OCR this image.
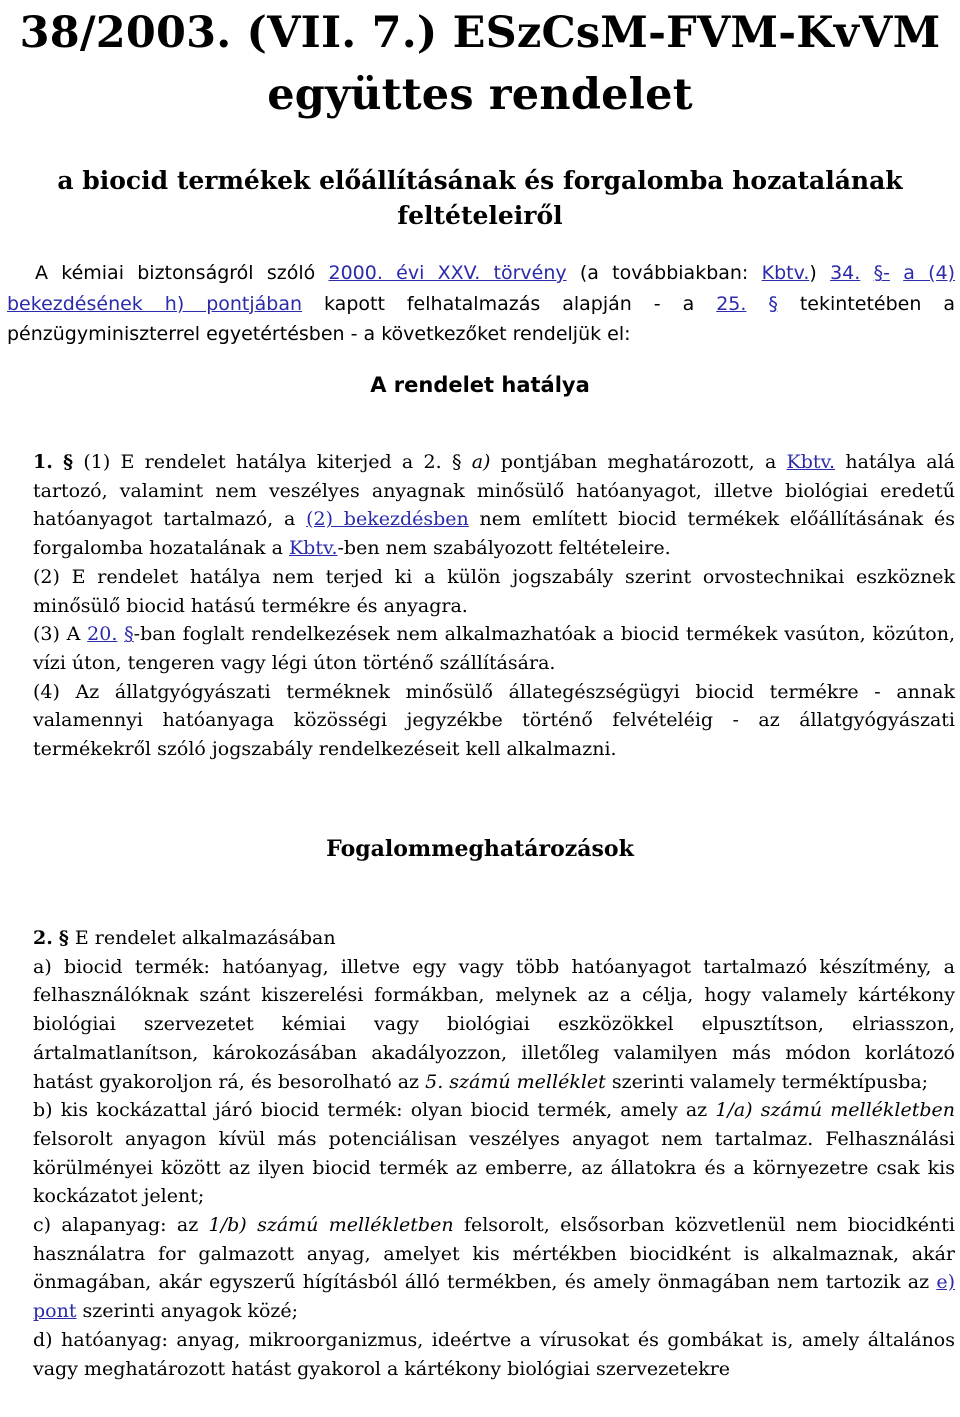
38/2003. (VII. 7.) ESzCsM-FVM-KvVM együttes rendelet
a biocid termékek előállításának és forgalomba hozatalának feltételeiről
A kémiai biztonságról szóló 2000. évi XXV. törvény (a továbbiakban: Kbtv.) 34. §- a (4) bekezdésének h) pontjában kapott felhatalmazás alapján - a 25. § tekintetében a pénzügyminiszterrel egyetértésben - a következőket rendeljük el:
A rendelet hatálya

1. § (1) E rendelet hatálya kiterjed a 2. § a) pontjában meghatározott, a Kbtv. hatálya alá tartozó, valamint nem veszélyes anyagnak minősülő hatóanyagot, illetve biológiai eredetű hatóanyagot tartalmazó, a (2) bekezdésben nem említett biocid termékek előállításának és forgalomba hozatalának a Kbtv.-ben nem szabályozott feltételeire.

(2) E rendelet hatálya nem terjed ki a külön jogszabály szerint orvostechnikai eszköznek minősülő biocid hatású termékre és anyagra.

(3) A 20. §-ban foglalt rendelkezések nem alkalmazhatóak a biocid termékek vasúton, közúton, vízi úton, tengeren vagy légi úton történő szállítására.

(4) Az állatgyógyászati terméknek minősülő állategészségügyi biocid termékre - annak valamennyi hatóanyaga közösségi jegyzékbe történő felvételéig - az állatgyógyászati termékekről szóló jogszabály rendelkezéseit kell alkalmazni.

Fogalommeghatározások

2. § E rendelet alkalmazásában

a) biocid termék: hatóanyag, illetve egy vagy több hatóanyagot tartalmazó készítmény, a felhasználóknak szánt kiszerelési formákban, melynek az a célja, hogy valamely kártékony biológiai szervezetet kémiai vagy biológiai eszközökkel elpusztítson, elriasszon, ártalmatlanítson, károkozásában akadályozzon, illetőleg valamilyen más módon korlátozó hatást gyakoroljon rá, és besorolható az 5. számú melléklet szerinti valamely terméktípusba;

b) kis kockázattal járó biocid termék: olyan biocid termék, amely az 1/a) számú mellékletben felsorolt anyagon kívül más potenciálisan veszélyes anyagot nem tartalmaz. Felhasználási körülményei között az ilyen biocid termék az emberre, az állatokra és a környezetre csak kis kockázatot jelent;

c) alapanyag: az 1/b) számú mellékletben felsorolt, elsősorban közvetlenül nem biocidkénti használatra for galmazott anyag, amelyet kis mértékben biocidként is alkalmaznak, akár önmagában, akár egyszerű hígításból álló termékben, és amely önmagában nem tartozik az e) pont szerinti anyagok közé;

d) hatóanyag: anyag, mikroorganizmus, ideértve a vírusokat és gombákat is, amely általános vagy meghatározott hatást gyakorol a kártékony biológiai szervezetekre
